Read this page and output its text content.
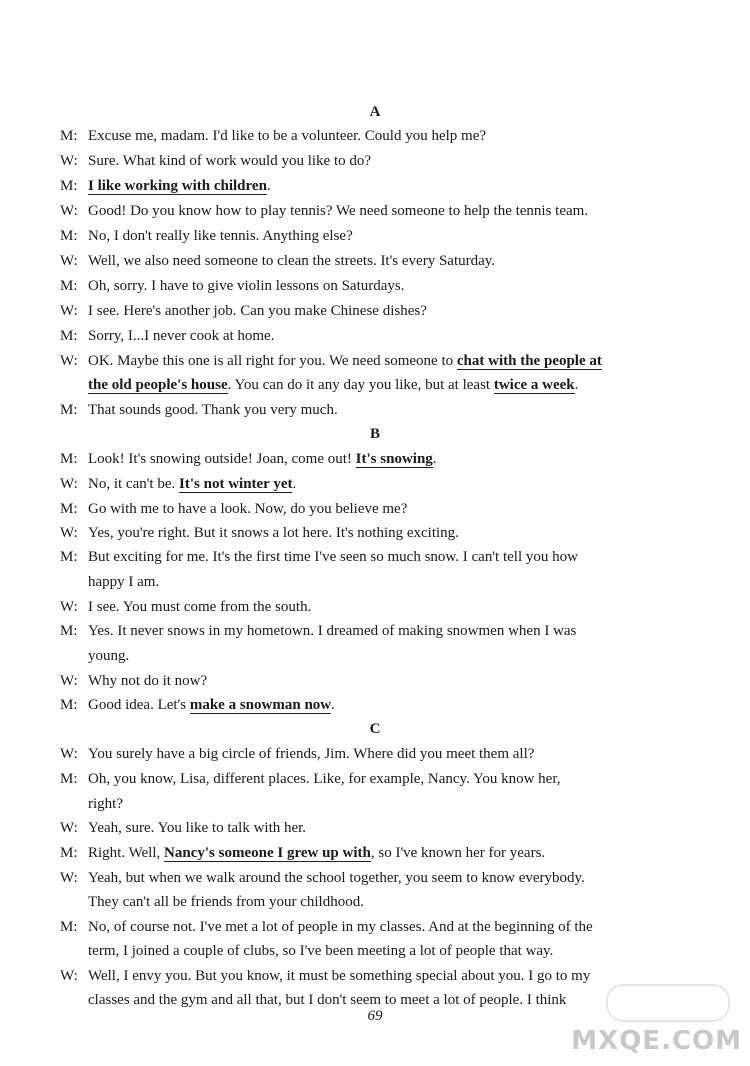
A
M: Excuse me, madam. I'd like to be a volunteer. Could you help me?
W: Sure. What kind of work would you like to do?
M: I like working with children.
W: Good! Do you know how to play tennis? We need someone to help the tennis team.
M: No, I don't really like tennis. Anything else?
W: Well, we also need someone to clean the streets. It's every Saturday.
M: Oh, sorry. I have to give violin lessons on Saturdays.
W: I see. Here's another job. Can you make Chinese dishes?
M: Sorry, I...I never cook at home.
W: OK. Maybe this one is all right for you. We need someone to chat with the people at
the old people's house. You can do it any day you like, but at least twice a week.
M: That sounds good. Thank you very much.
B
M: Look! It's snowing outside! Joan, come out! It's snowing.
W: No, it can't be. It's not winter yet.
M: Go with me to have a look. Now, do you believe me?
W: Yes, you're right. But it snows a lot here. It's nothing exciting.
M: But exciting for me. It's the first time I've seen so much snow. I can't tell you how
happy I am.
W: I see. You must come from the south.
M: Yes. It never snows in my hometown. I dreamed of making snowmen when I was
young.
W: Why not do it now?
M: Good idea. Let's make a snowman now.
C
W: You surely have a big circle of friends, Jim. Where did you meet them all?
M: Oh, you know, Lisa, different places. Like, for example, Nancy. You know her,
right?
W: Yeah, sure. You like to talk with her.
M: Right. Well, Nancy's someone I grew up with, so I've known her for years.
W: Yeah, but when we walk around the school together, you seem to know everybody.
They can't all be friends from your childhood.
M: No, of course not. I've met a lot of people in my classes. And at the beginning of the
term, I joined a couple of clubs, so I've been meeting a lot of people that way.
W: Well, I envy you. But you know, it must be something special about you. I go to my
classes and the gym and all that, but I don't seem to meet a lot of people. I think
69
MXQE.COM
